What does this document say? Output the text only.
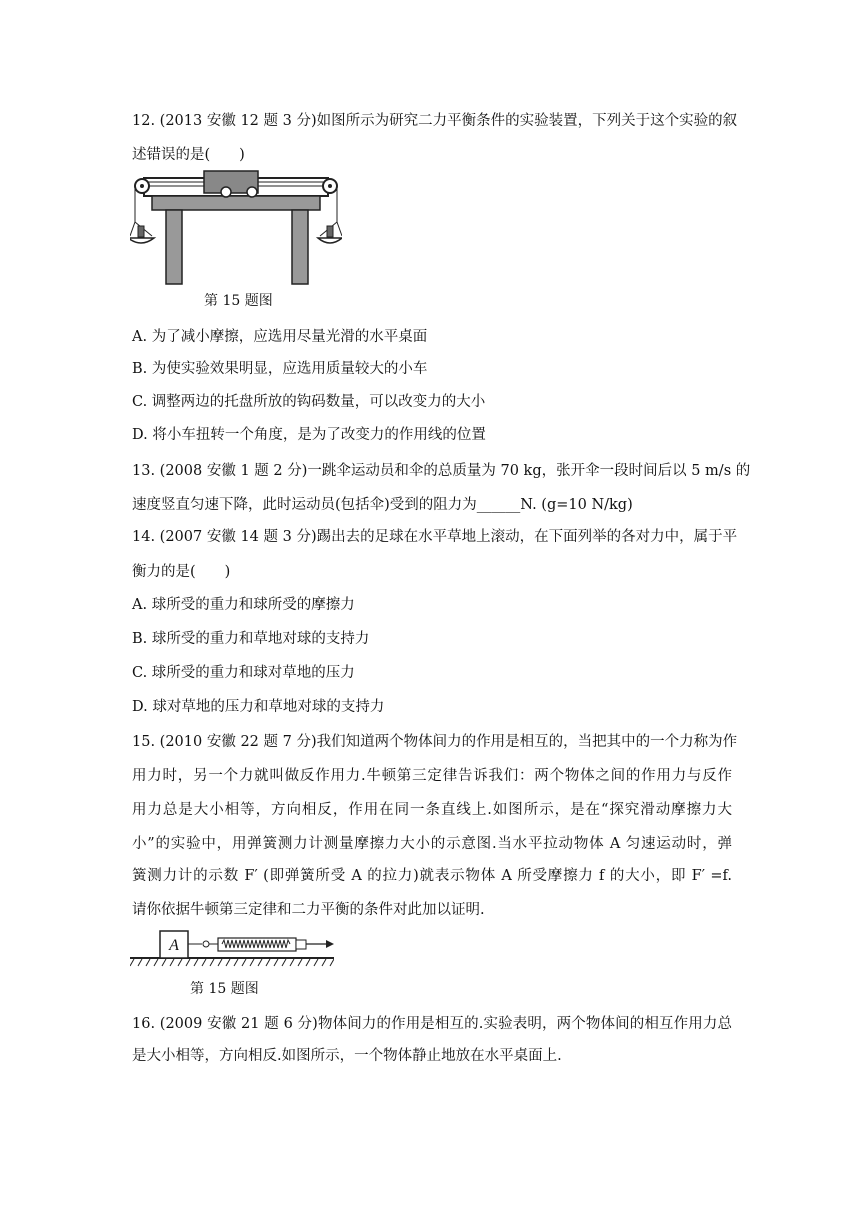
12. (2013 安徽 12 题 3 分)如图所示为研究二力平衡条件的实验装置，下列关于这个实验的叙
述错误的是(　　)
第 15 题图
A. 为了减小摩擦，应选用尽量光滑的水平桌面
B. 为使实验效果明显，应选用质量较大的小车
C. 调整两边的托盘所放的钩码数量，可以改变力的大小
D. 将小车扭转一个角度，是为了改变力的作用线的位置
13. (2008 安徽 1 题 2 分)一跳伞运动员和伞的总质量为 70 kg，张开伞一段时间后以 5 m/s 的
速度竖直匀速下降，此时运动员(包括伞)受到的阻力为______N. (g=10 N/kg)
14. (2007 安徽 14 题 3 分)踢出去的足球在水平草地上滚动，在下面列举的各对力中，属于平
衡力的是(　　)
A. 球所受的重力和球所受的摩擦力
B. 球所受的重力和草地对球的支持力
C. 球所受的重力和球对草地的压力
D. 球对草地的压力和草地对球的支持力
15. (2010 安徽 22 题 7 分)我们知道两个物体间力的作用是相互的，当把其中的一个力称为作
用力时，另一个力就叫做反作用力.牛顿第三定律告诉我们：两个物体之间的作用力与反作
用力总是大小相等，方向相反，作用在同一条直线上.如图所示，是在“探究滑动摩擦力大
小”的实验中，用弹簧测力计测量摩擦力大小的示意图.当水平拉动物体 A 匀速运动时，弹
簧测力计的示数 F′ (即弹簧所受 A 的拉力)就表示物体 A 所受摩擦力 f 的大小，即 F′ =f.
请你依据牛顿第三定律和二力平衡的条件对此加以证明.
A
第 15 题图
16. (2009 安徽 21 题 6 分)物体间力的作用是相互的.实验表明，两个物体间的相互作用力总
是大小相等，方向相反.如图所示，一个物体静止地放在水平桌面上.
